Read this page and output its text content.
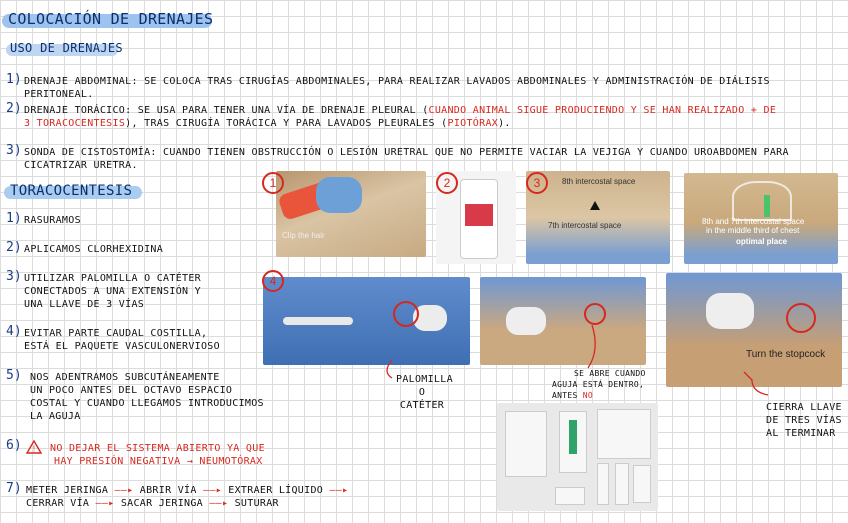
COLOCACIÓN DE DRENAJES
USO DE DRENAJES
1) DRENAJE ABDOMINAL: SE COLOCA TRAS CIRUGÍAS ABDOMINALES, PARA REALIZAR LAVADOS ABDOMINALES Y ADMINISTRACIÓN DE DIÁLISIS PERITONEAL.
2) DRENAJE TORÁCICO: SE USA PARA TENER UNA VÍA DE DRENAJE PLEURAL (CUANDO ANIMAL SIGUE PRODUCIENDO Y SE HAN REALIZADO + DE 3 TORACOCENTESIS), TRAS CIRUGÍA TORÁCICA Y PARA LAVADOS PLEURALES (PIOTÓRAX).
3) SONDA DE CISTOSTOMÍA: CUANDO TIENEN OBSTRUCCIÓN O LESIÓN URETRAL QUE NO PERMITE VACIAR LA VEJIGA Y CUANDO UROABDOMEN PARA CICATRIZAR URETRA.
TORACOCENTESIS
1) RASURAMOS
2) APLICAMOS CLORHEXIDINA
3) UTILIZAR PALOMILLA O CATÉTER
CONECTADOS A UNA EXTENSIÓN Y
UNA LLAVE DE 3 VÍAS
4) EVITAR PARTE CAUDAL COSTILLA,
ESTÁ EL PAQUETE VASCULONERVIOSO
5) NOS ADENTRAMOS SUBCUTÁNEAMENTE
UN POCO ANTES DEL OCTAVO ESPACIO
COSTAL Y CUANDO LLEGAMOS INTRODUCIMOS
LA AGUJA
6) ! NO DEJAR EL SISTEMA ABIERTO YA QUE
HAY PRESIÓN NEGATIVA → NEUMOTÓRAX
7) METER JERINGA ——▸ ABRIR VÍA ——▸ EXTRAER LÍQUIDO ——▸
CERRAR VÍA ——▸ SACAR JERINGA ——▸ SUTURAR
Clip the hair
1	2	8th intercostal space
7th intercostal space
3
8th and 7th intercostal space
in the middle third of chest
optimal place
4
Turn the stopcock
PALOMILLA
O
CATÉTER
SE ABRE CUANDO
AGUJA ESTÁ DENTRO,
ANTES NO
CIERRA LLAVE
DE TRES VÍAS
AL TERMINAR
